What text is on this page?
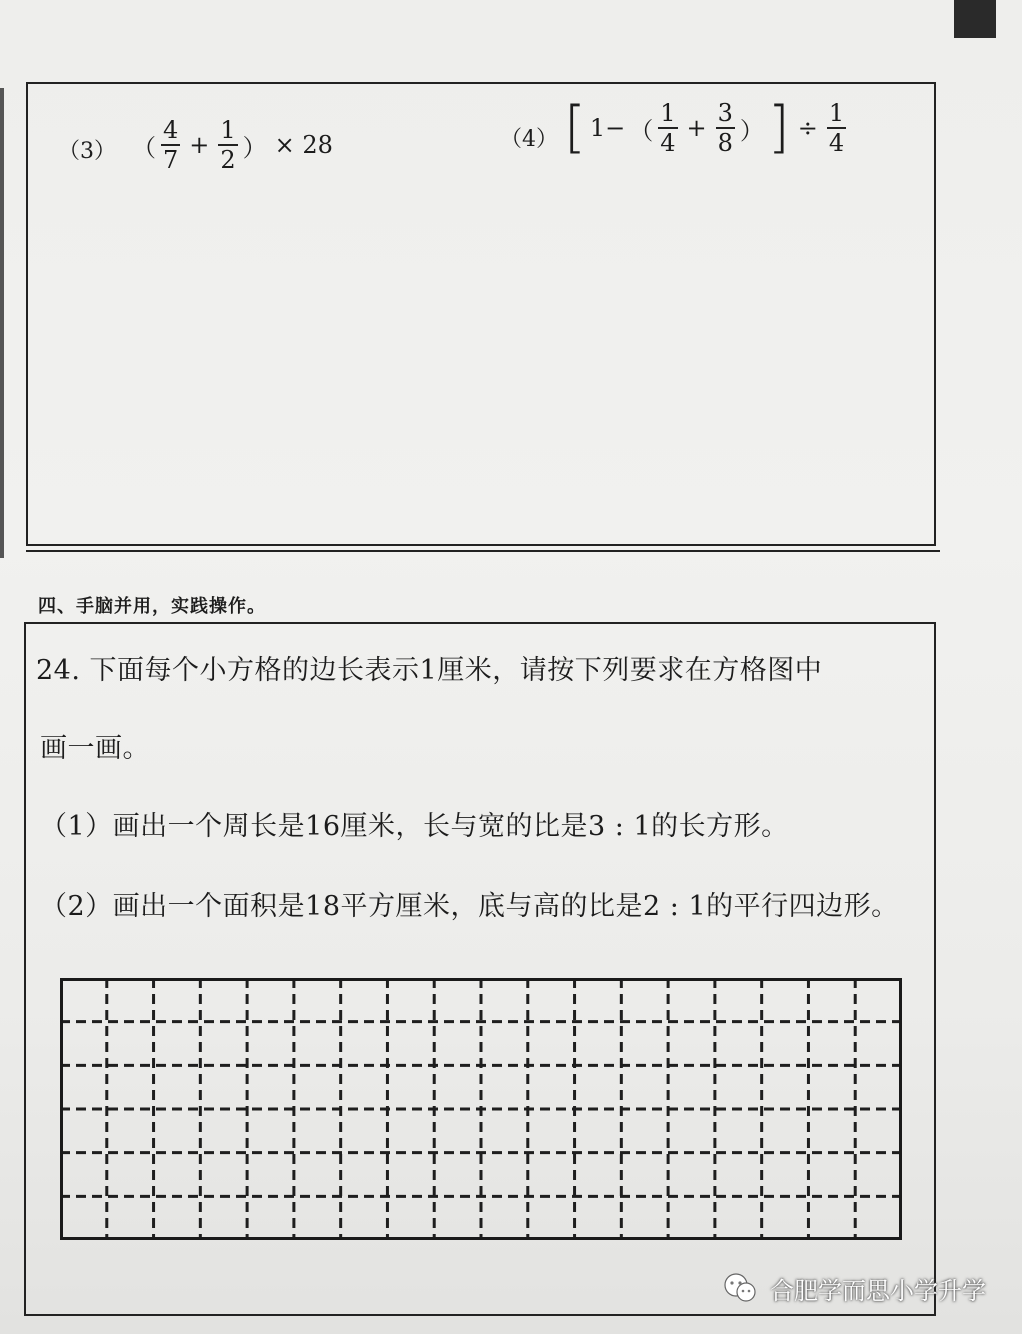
（3） （ $\frac{4}{7} + \frac{1}{2}$ ） × 28	（4） [ 1− （ $\frac{1}{4} + \frac{3}{8}$ ） ] ÷ $\frac{1}{4}$
四、手脑并用，实践操作。
24. 下面每个小方格的边长表示1厘米，请按下列要求在方格图中
画一画。
（1）画出一个周长是16厘米，长与宽的比是3 : 1的长方形。
（2）画出一个面积是18平方厘米，底与高的比是2 : 1的平行四边形。
合肥学而思小学升学
